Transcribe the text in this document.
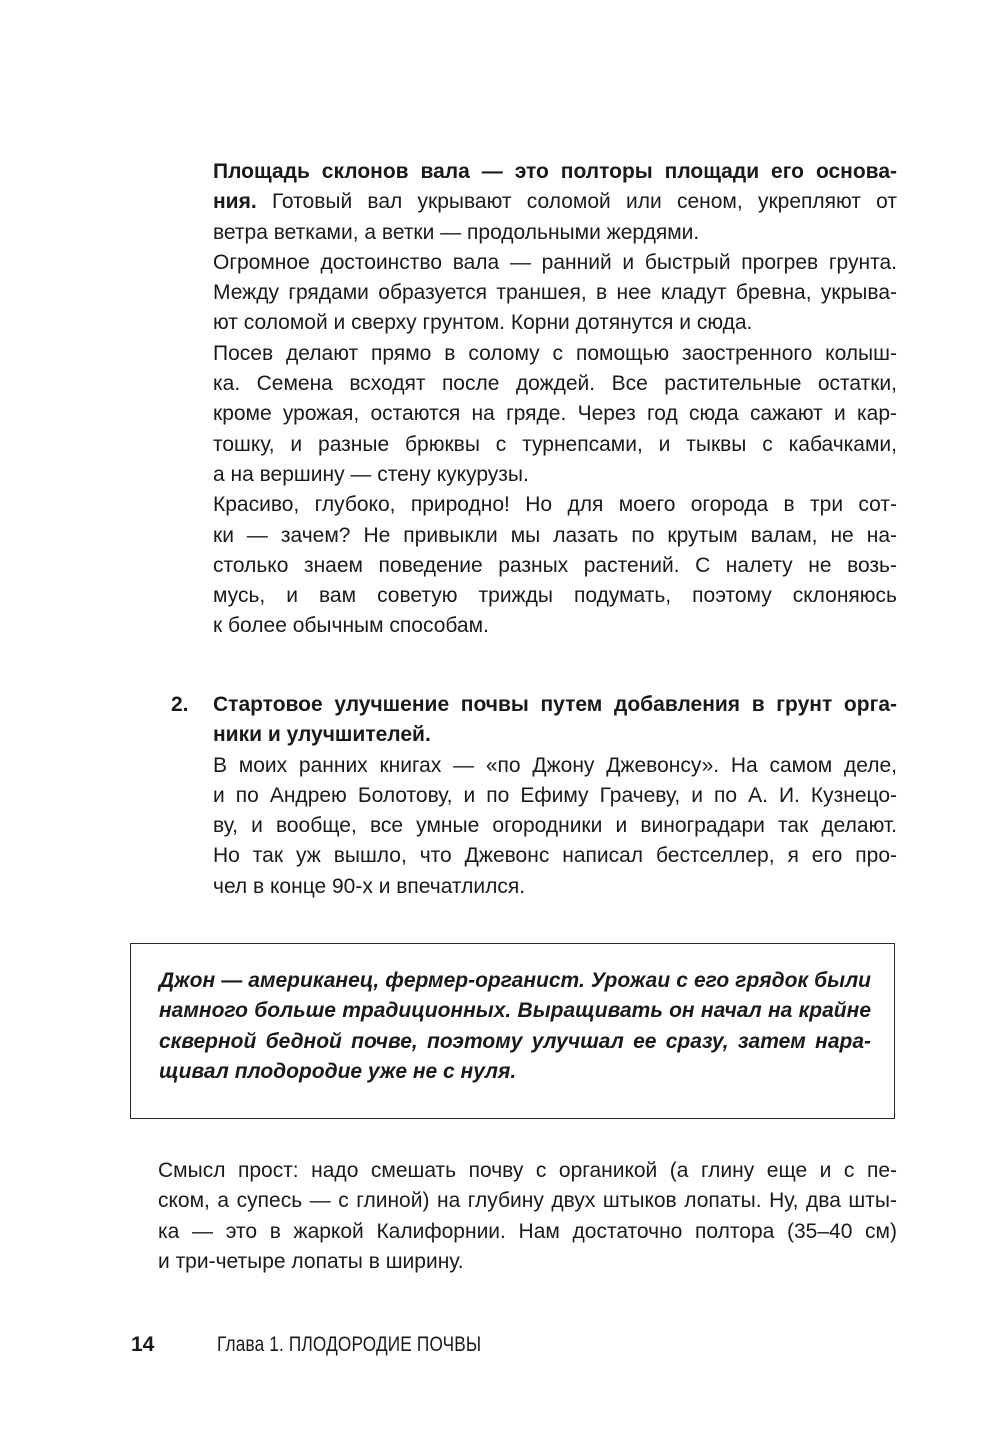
Площадь склонов вала — это полторы площади его основа-
ния. Готовый вал укрывают соломой или сеном, укрепляют от
ветра ветками, а ветки — продольными жердями.
Огромное достоинство вала — ранний и быстрый прогрев грунта.
Между грядами образуется траншея, в нее кладут бревна, укрыва-
ют соломой и сверху грунтом. Корни дотянутся и сюда.
Посев делают прямо в солому с помощью заостренного колыш-
ка. Семена всходят после дождей. Все растительные остатки,
кроме урожая, остаются на гряде. Через год сюда сажают и кар-
тошку, и разные брюквы с турнепсами, и тыквы с кабачками,
а на вершину — стену кукурузы.
Красиво, глубоко, природно! Но для моего огорода в три сот-
ки — зачем? Не привыкли мы лазать по крутым валам, не на-
столько знаем поведение разных растений. С налету не возь-
мусь, и вам советую трижды подумать, поэтому склоняюсь
к более обычным способам.
2. Стартовое улучшение почвы путем добавления в грунт орга-
ники и улучшителей.
В моих ранних книгах — «по Джону Джевонсу». На самом деле,
и по Андрею Болотову, и по Ефиму Грачеву, и по А. И. Кузнецо-
ву, и вообще, все умные огородники и виноградари так делают.
Но так уж вышло, что Джевонс написал бестселлер, я его про-
чел в конце 90-х и впечатлился.
Джон — американец, фермер-органист. Урожаи с его грядок были
намного больше традиционных. Выращивать он начал на крайне
скверной бедной почве, поэтому улучшал ее сразу, затем нара-
щивал плодородие уже не с нуля.
Смысл прост: надо смешать почву с органикой (а глину еще и с пе-
ском, а супесь — с глиной) на глубину двух штыков лопаты. Ну, два шты-
ка — это в жаркой Калифорнии. Нам достаточно полтора (35–40 см)
и три-четыре лопаты в ширину.
14	Глава 1. ПЛОДОРОДИЕ ПОЧВЫ
